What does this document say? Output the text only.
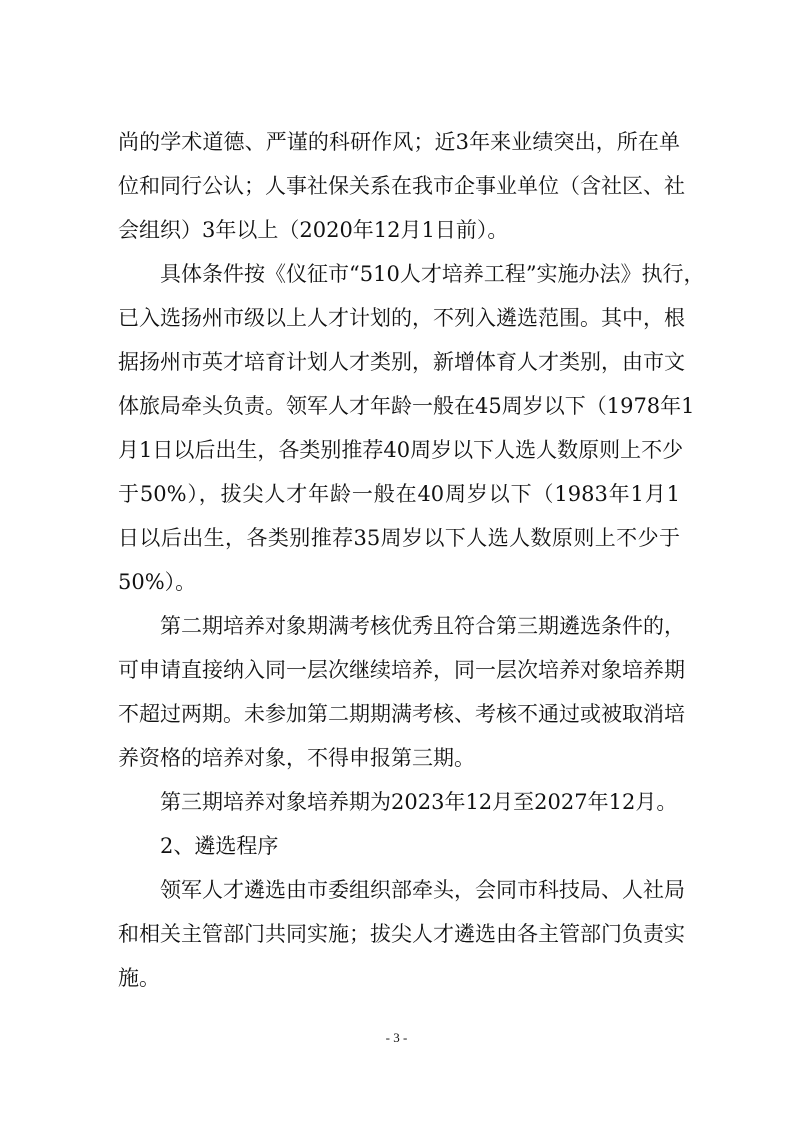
尚的学术道德、严谨的科研作风；近3年来业绩突出，所在单
位和同行公认；人事社保关系在我市企事业单位（含社区、社
会组织）3年以上（2020年12月1日前）。
具体条件按《仪征市“510人才培养工程”实施办法》执行，
已入选扬州市级以上人才计划的，不列入遴选范围。其中，根
据扬州市英才培育计划人才类别，新增体育人才类别，由市文
体旅局牵头负责。领军人才年龄一般在45周岁以下（1978年1
月1日以后出生，各类别推荐40周岁以下人选人数原则上不少
于50%），拔尖人才年龄一般在40周岁以下（1983年1月1
日以后出生，各类别推荐35周岁以下人选人数原则上不少于
50%）。
第二期培养对象期满考核优秀且符合第三期遴选条件的，
可申请直接纳入同一层次继续培养，同一层次培养对象培养期
不超过两期。未参加第二期期满考核、考核不通过或被取消培
养资格的培养对象，不得申报第三期。
第三期培养对象培养期为2023年12月至2027年12月。
2、遴选程序
领军人才遴选由市委组织部牵头，会同市科技局、人社局
和相关主管部门共同实施；拔尖人才遴选由各主管部门负责实
施。
- 3 -
